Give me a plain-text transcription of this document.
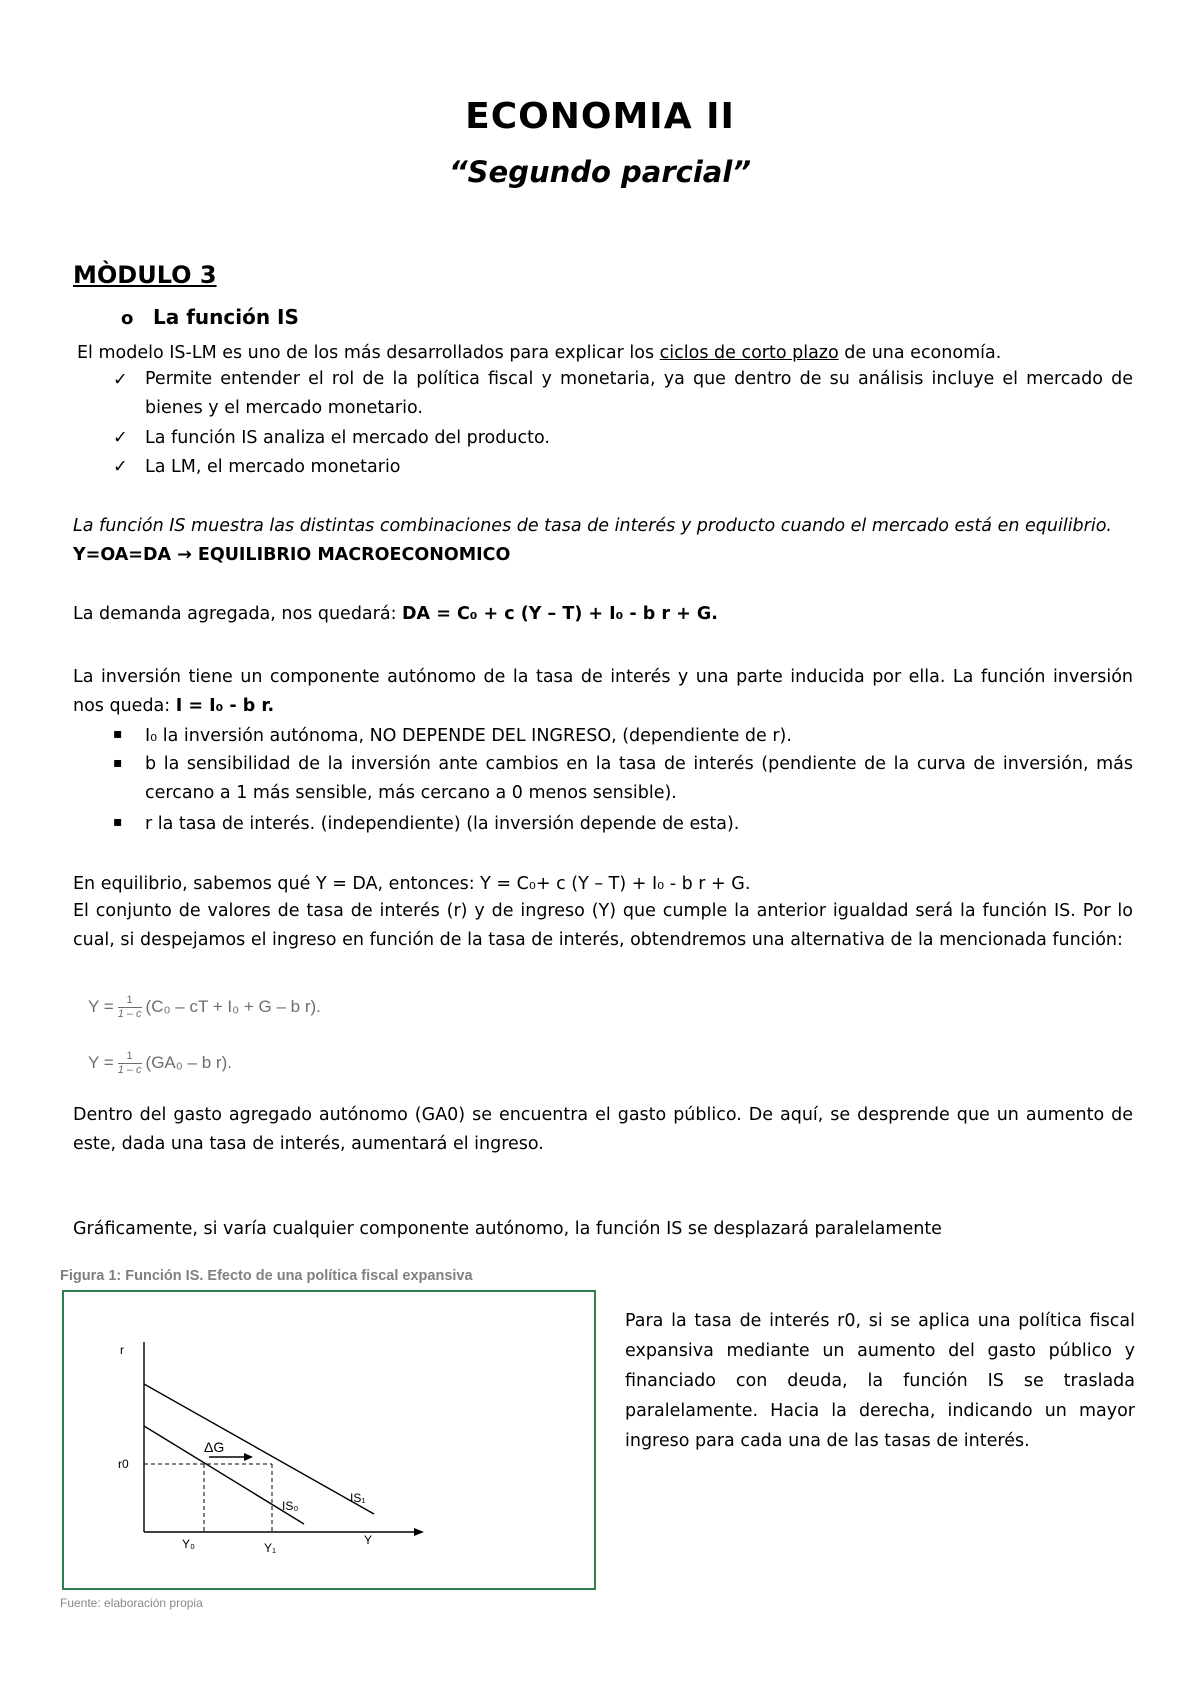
ECONOMIA II
“Segundo parcial”
MÒDULO 3
o La función IS
El modelo IS-LM es uno de los más desarrollados para explicar los ciclos de corto plazo de una economía.
✓ Permite entender el rol de la política fiscal y monetaria, ya que dentro de su análisis incluye el mercado de bienes y el mercado monetario.
✓ La función IS analiza el mercado del producto.
✓ La LM, el mercado monetario
La función IS muestra las distintas combinaciones de tasa de interés y producto cuando el mercado está en equilibrio.
Y=OA=DA → EQUILIBRIO MACROECONOMICO
La demanda agregada, nos quedará: DA = C₀ + c (Y – T) + I₀ - b r + G.
La inversión tiene un componente autónomo de la tasa de interés y una parte inducida por ella. La función inversión nos queda: I = I₀ - b r.
▪ I₀ la inversión autónoma, NO DEPENDE DEL INGRESO, (dependiente de r).
▪ b la sensibilidad de la inversión ante cambios en la tasa de interés (pendiente de la curva de inversión, más cercano a 1 más sensible, más cercano a 0 menos sensible).
▪ r la tasa de interés. (independiente) (la inversión depende de esta).
En equilibrio, sabemos qué Y = DA, entonces: Y = C₀+ c (Y – T) + I₀ - b r + G.
El conjunto de valores de tasa de interés (r) y de ingreso (Y) que cumple la anterior igualdad será la función IS. Por lo cual, si despejamos el ingreso en función de la tasa de interés, obtendremos una alternativa de la mencionada función:
$Y = \frac{1}{1 - c} (C_0$ – cT + I₀ + G – b r).
$Y = \frac{1}{1 - c} (GA_0 - b$ r).
Dentro del gasto agregado autónomo (GA0) se encuentra el gasto público. De aquí, se desprende que un aumento de este, dada una tasa de interés, aumentará el ingreso.
Gráficamente, si varía cualquier componente autónomo, la función IS se desplazará paralelamente
Figura 1: Función IS. Efecto de una política fiscal expansiva
r
Y
r0
ΔG
IS₀
IS₁
Y₀	Y₁
Para la tasa de interés r0, si se aplica una política fiscal expansiva mediante un aumento del gasto público y financiado con deuda, la función IS se traslada paralelamente. Hacia la derecha, indicando un mayor ingreso para cada una de las tasas de interés.
Fuente: elaboración propia
